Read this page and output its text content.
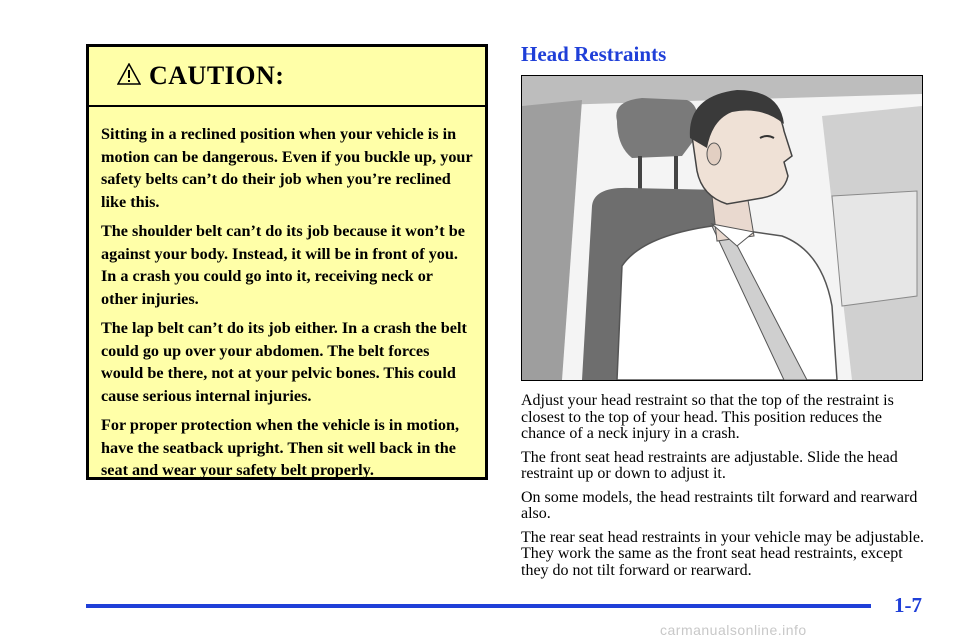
CAUTION:

Sitting in a reclined position when your vehicle is in motion can be dangerous. Even if you buckle up, your safety belts can’t do their job when you’re reclined like this.

The shoulder belt can’t do its job because it won’t be against your body. Instead, it will be in front of you. In a crash you could go into it, receiving neck or other injuries.

The lap belt can’t do its job either. In a crash the belt could go up over your abdomen. The belt forces would be there, not at your pelvic bones. This could cause serious internal injuries.

For proper protection when the vehicle is in motion, have the seatback upright. Then sit well back in the seat and wear your safety belt properly.

Head Restraints

Adjust your head restraint so that the top of the restraint is closest to the top of your head. This position reduces the chance of a neck injury in a crash.

The front seat head restraints are adjustable. Slide the head restraint up or down to adjust it.

On some models, the head restraints tilt forward and rearward also.

The rear seat head restraints in your vehicle may be adjustable. They work the same as the front seat head restraints, except they do not tilt forward or rearward.

1-7
carmanualsonline.info
